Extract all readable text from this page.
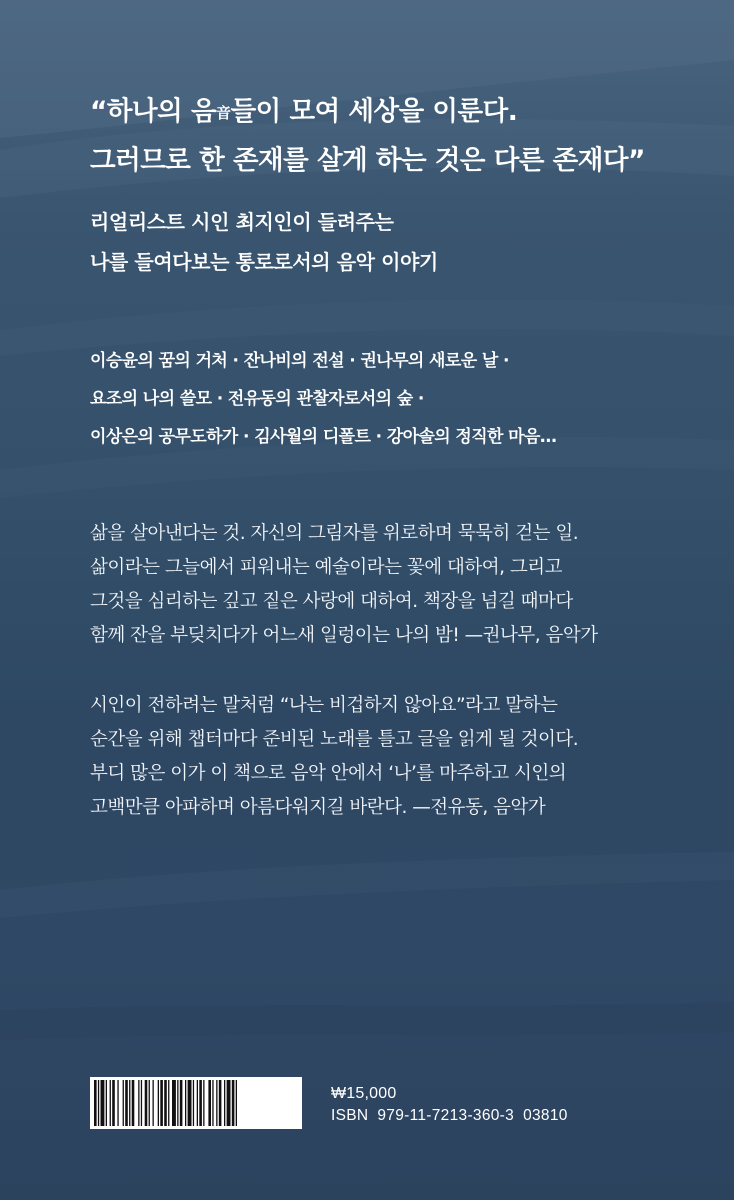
“하나의 음音들이 모여 세상을 이룬다.
그러므로 한 존재를 살게 하는 것은 다른 존재다”
리얼리스트 시인 최지인이 들려주는
나를 들여다보는 통로로서의 음악 이야기
이승윤의 꿈의 거처 · 잔나비의 전설 · 권나무의 새로운 날 ·
요조의 나의 쓸모 · 전유동의 관찰자로서의 숲 ·
이상은의 공무도하가 · 김사월의 디폴트 · 강아솔의 정직한 마음…
삶을 살아낸다는 것. 자신의 그림자를 위로하며 묵묵히 걷는 일.
삶이라는 그늘에서 피워내는 예술이라는 꽃에 대하여, 그리고
그것을 심리하는 깊고 짙은 사랑에 대하여. 책장을 넘길 때마다
함께 잔을 부딪치다가 어느새 일렁이는 나의 밤! —권나무, 음악가
시인이 전하려는 말처럼 “나는 비겁하지 않아요”라고 말하는
순간을 위해 챕터마다 준비된 노래를 틀고 글을 읽게 될 것이다.
부디 많은 이가 이 책으로 음악 안에서 ‘나’를 마주하고 시인의
고백만큼 아파하며 아름다워지길 바란다. —전유동, 음악가
₩15,000
ISBN 979-11-7213-360-3 03810
